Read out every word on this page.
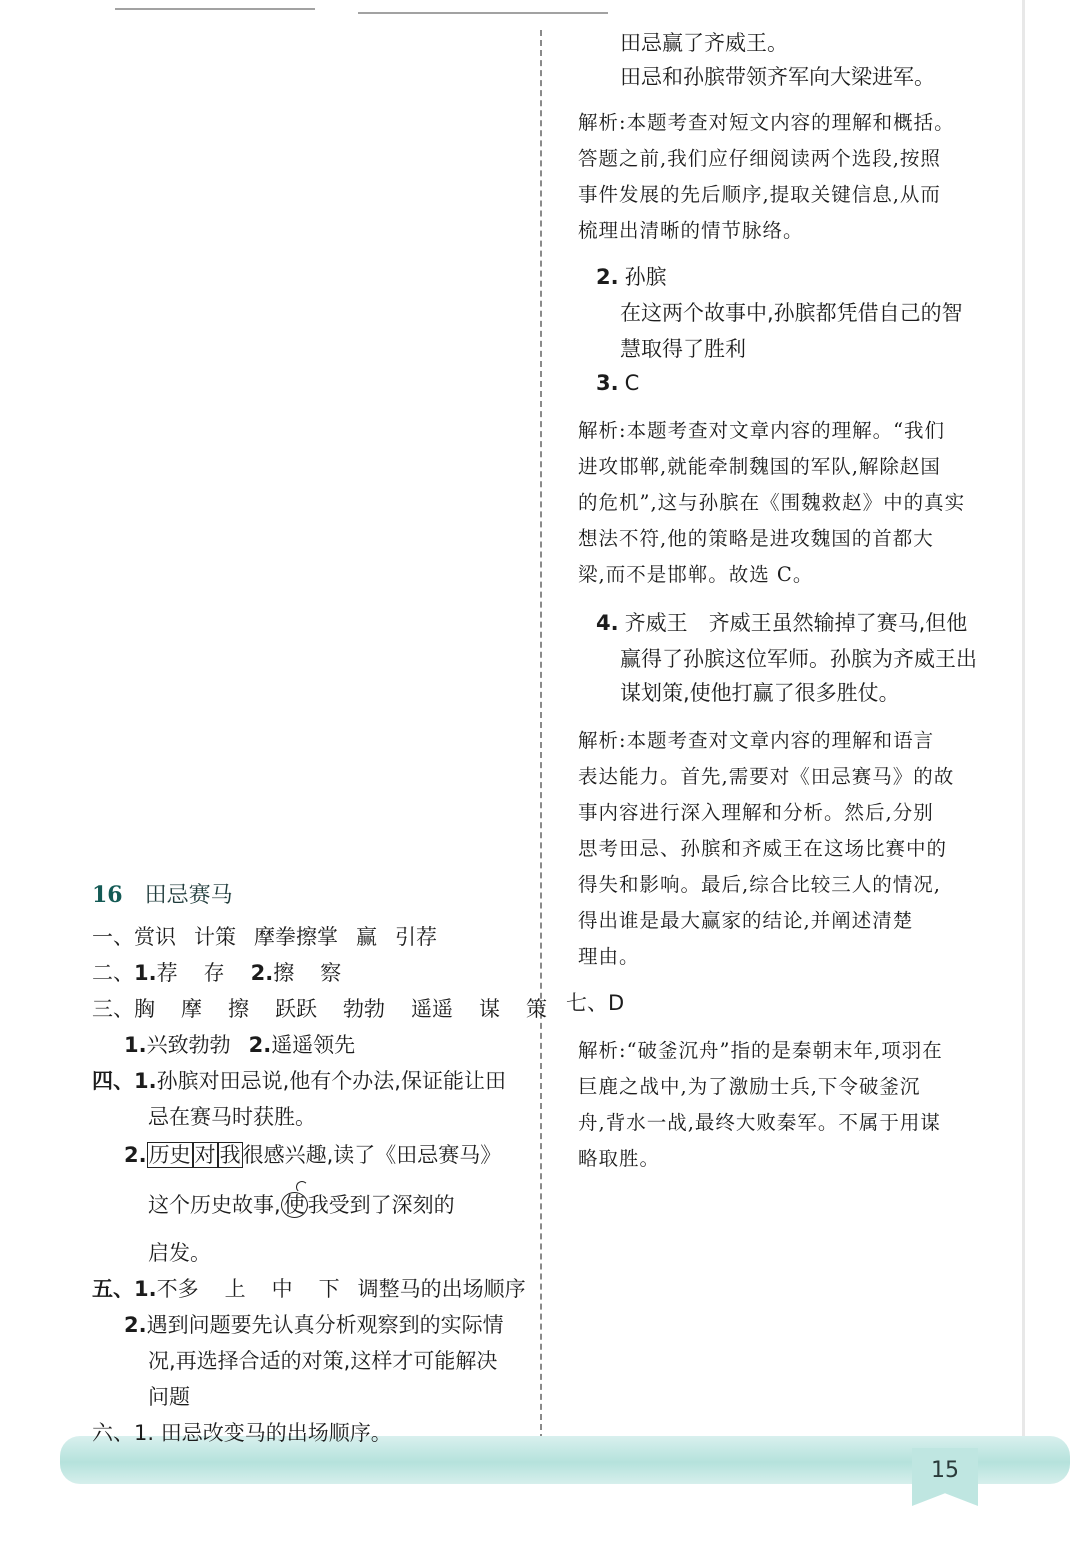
15
16 田忌赛马
一、赏识 计策 摩拳擦掌 赢 引荐
二、1.荐 存 2.擦 察
三、胸 摩 擦 跃跃 勃勃 遥遥 谋 策
1.兴致勃勃 2.遥遥领先
四、1.孙膑对田忌说,他有个办法,保证能让田
忌在赛马时获胜。
2.历史 对 我很感兴趣,读了《田忌赛马》
这个历史故事, 使 我受到了深刻的
启发。
五、1.不多 上 中 下 调整马的出场顺序
2.遇到问题要先认真分析观察到的实际情
况,再选择合适的对策,这样才可能解决
问题
六、1. 田忌改变马的出场顺序。
田忌赢了齐威王。
田忌和孙膑带领齐军向大梁进军。
解析:本题考查对短文内容的理解和概括。
答题之前,我们应仔细阅读两个选段,按照
事件发展的先后顺序,提取关键信息,从而
梳理出清晰的情节脉络。
2. 孙膑
在这两个故事中,孙膑都凭借自己的智
慧取得了胜利
3. C
解析:本题考查对文章内容的理解。“我们
进攻邯郸,就能牵制魏国的军队,解除赵国
的危机”,这与孙膑在《围魏救赵》中的真实
想法不符,他的策略是进攻魏国的首都大
梁,而不是邯郸。故选 C。
4. 齐威王　齐威王虽然输掉了赛马,但他
赢得了孙膑这位军师。孙膑为齐威王出
谋划策,使他打赢了很多胜仗。
解析:本题考查对文章内容的理解和语言
表达能力。首先,需要对《田忌赛马》的故
事内容进行深入理解和分析。然后,分别
思考田忌、孙膑和齐威王在这场比赛中的
得失和影响。最后,综合比较三人的情况,
得出谁是最大赢家的结论,并阐述清楚
理由。
七、D
解析:“破釜沉舟”指的是秦朝末年,项羽在
巨鹿之战中,为了激励士兵,下令破釜沉
舟,背水一战,最终大败秦军。不属于用谋
略取胜。
